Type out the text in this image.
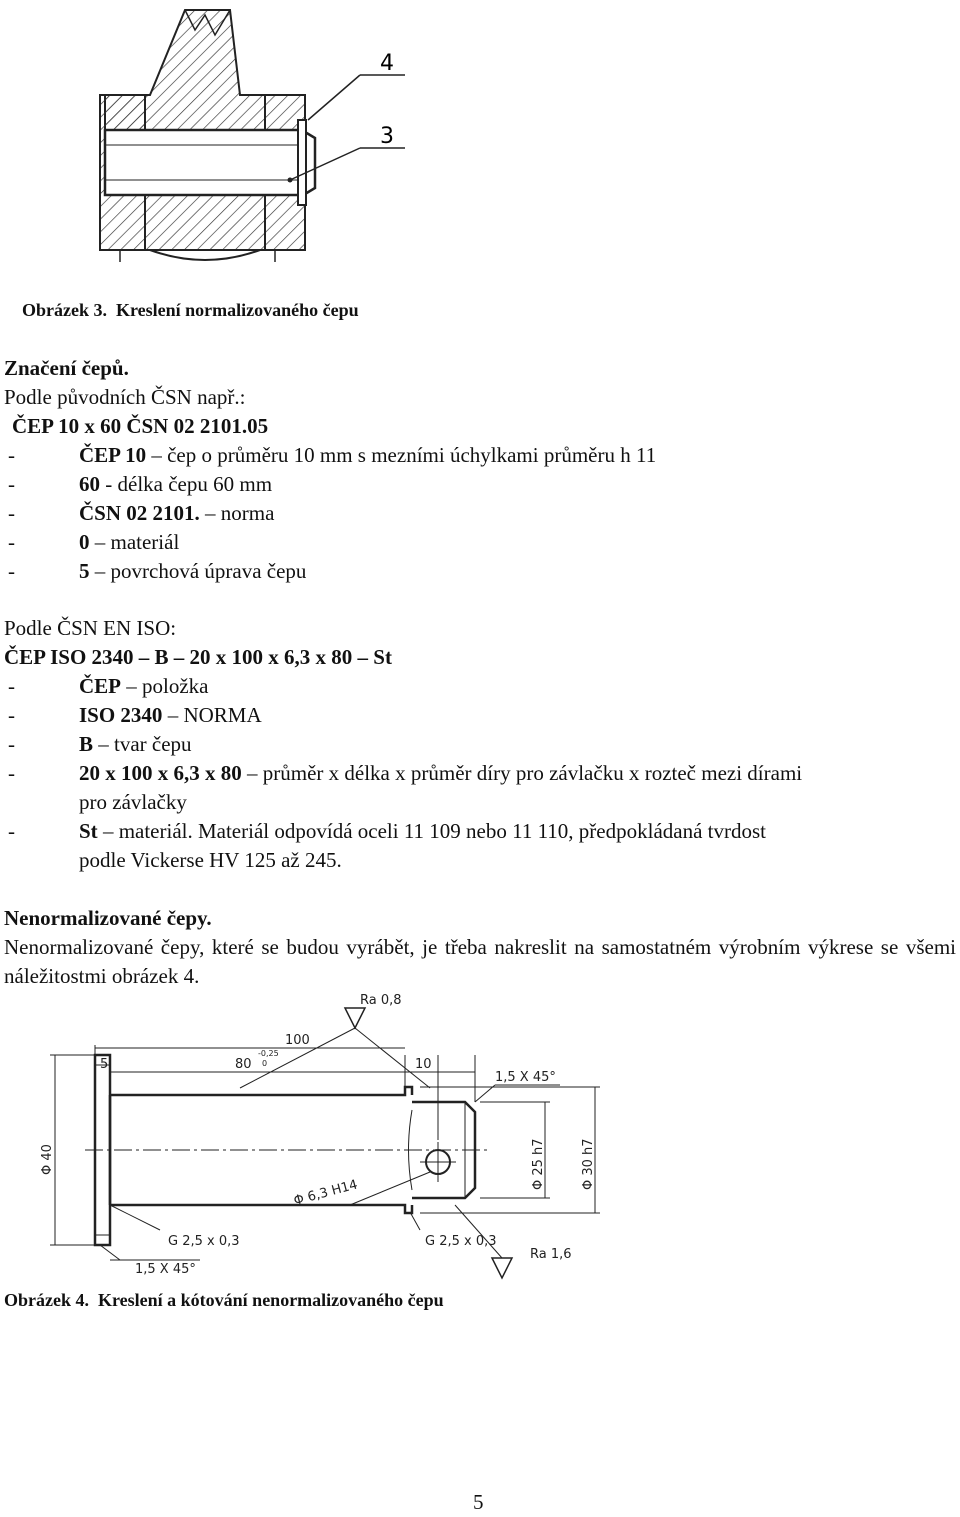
4
3
Obrázek 3. Kreslení normalizovaného čepu
Značení čepů.
Podle původních ČSN např.:
ČEP 10 x 60 ČSN 02 2101.05
-	ČEP 10 – čep o průměru 10 mm s mezními úchylkami průměru h 11
-	60 - délka čepu 60 mm
-	ČSN 02 2101. – norma
-	0 – materiál
-	5 – povrchová úprava čepu
Podle ČSN EN ISO:
ČEP ISO 2340 – B – 20 x 100 x 6,3 x 80 – St
-	ČEP – položka
-	ISO 2340 – NORMA
-	B – tvar čepu
-	20 x 100 x 6,3 x 80 – průměr x délka x průměr díry pro závlačku x rozteč mezi dírami
pro závlačky
-	St – materiál. Materiál odpovídá oceli 11 109 nebo 11 110, předpokládaná tvrdost
podle Vickerse HV 125 až 245.
Nenormalizované čepy.
Nenormalizované čepy, které se budou vyrábět, je třeba nakreslit na samostatném výrobním výkrese se všemi náležitostmi obrázek 4.
Ra 0,8
100
5	80
-0,25
0	10
1,5 X 45°
Φ 40
Φ 6,3 H14
Φ 25 h7	Φ 30 h7
G 2,5 x 0,3	G 2,5 x 0,3
Ra 1,6
1,5 X 45°
Obrázek 4. Kreslení a kótování nenormalizovaného čepu
5
